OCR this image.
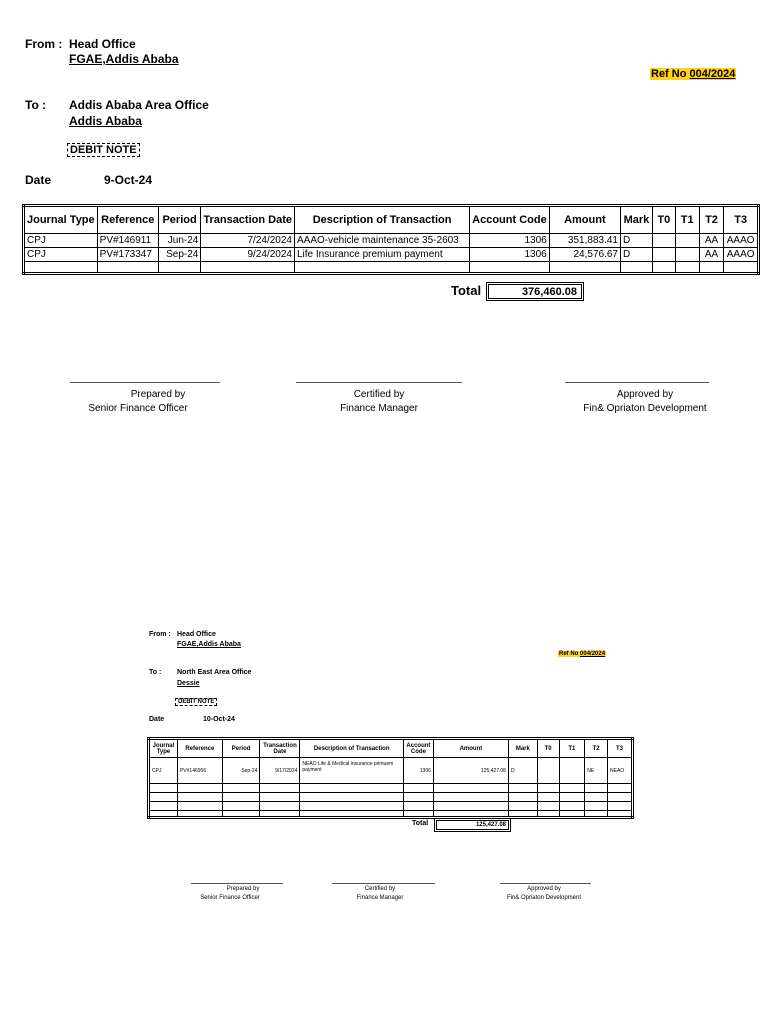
From : Head Office
FGAE,Addis Ababa
Ref No 004/2024
To : Addis Ababa Area Office
Addis Ababa
DEBIT NOTE
Date	9-Oct-24
Journal Type	Reference	Period	Transaction Date	Description of Transaction	Account Code	Amount	Mark	T0	T1	T2	T3
CPJ	PV#146911	Jun-24	7/24/2024	AAAO-vehicle maintenance 35-2603	1306	351,883.41	D			AA	AAAO
CPJ	PV#173347	Sep-24	9/24/2024	Life Insurance premium payment	1306	24,576.67	D			AA	AAAO

Total	376,460.08
Prepared by
Senior Finance Officer
Certified by
Finance Manager
Approved by
Fin& Opriaton Development
From : Head Office
FGAE,Addis Ababa
Ref No 004/2024
To : North East Area Office
Dessie
DEBIT NOTE
Date	10-Oct-24
Journal Type	Reference	Period	Transaction Date	Description of Transaction	Account Code	Amount	Mark	T0	T1	T2	T3
CPJ	PV#146956	Sep-24	9/17/2024	NEAO Life & Medical insurance primuem payment	1306	125,427.08	D			NE	NEAO

Total	125,427.08
Prepared by
Senior Finance Officer
Certified by
Finance Manager
Approved by
Fin& Opriaton Development
